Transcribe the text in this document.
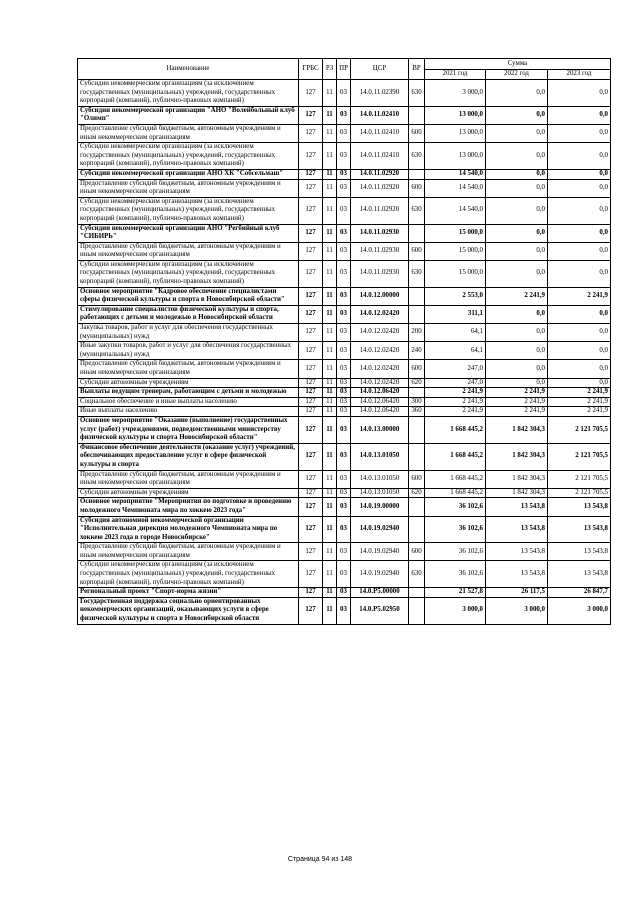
Наименование	ГРБС	РЗ	ПР	ЦСР	ВР	Сумма		
						2021 год	2022 год	2023 год
Субсидии некоммерческим организациям (за исключением государственных (муниципальных) учреждений, государственных корпораций (компаний), публично-правовых компаний)	127	11	03	14.0.11.02390	630	3 000,0	0,0	0,0
Субсидии некоммерческой организации "АНО "Волейбольный клуб "Олимп"	127	11	03	14.0.11.02410		13 000,0	0,0	0,0
Предоставление субсидий бюджетным, автономным учреждениям и иным некоммерческим организациям	127	11	03	14.0.11.02410	600	13 000,0	0,0	0,0
Субсидии некоммерческим организациям (за исключением государственных (муниципальных) учреждений, государственных корпораций (компаний), публично-правовых компаний)	127	11	03	14.0.11.02410	630	13 000,0	0,0	0,0
Субсидии некоммерческой организации АНО ХК "Собсельмаш"	127	11	03	14.0.11.02920		14 540,0	0,0	0,0
Предоставление субсидий бюджетным, автономным учреждениям и иным некоммерческим организациям	127	11	03	14.0.11.02920	600	14 540,0	0,0	0,0
Субсидии некоммерческим организациям (за исключением государственных (муниципальных) учреждений, государственных корпораций (компаний), публично-правовых компаний)	127	11	03	14.0.11.02920	630	14 540,0	0,0	0,0
Субсидии некоммерческой организации АНО "Регбийный клуб "СИБИРЬ"	127	11	03	14.0.11.02930		15 000,0	0,0	0,0
Предоставление субсидий бюджетным, автономным учреждениям и иным некоммерческим организациям	127	11	03	14.0.11.02930	600	15 000,0	0,0	0,0
Субсидии некоммерческим организациям (за исключением государственных (муниципальных) учреждений, государственных корпораций (компаний), публично-правовых компаний)	127	11	03	14.0.11.02930	630	15 000,0	0,0	0,0
Основное мероприятие "Кадровое обеспечение специалистами сферы физической культуры и спорта в Новосибирской области"	127	11	03	14.0.12.00000		2 553,0	2 241,9	2 241,9
Стимулирование специалистов физической культуры и спорта, работающих с детьми и молодежью в Новосибирской области	127	11	03	14.0.12.02420		311,1	0,0	0,0
Закупка товаров, работ и услуг для обеспечения государственных (муниципальных) нужд	127	11	03	14.0.12.02420	200	64,1	0,0	0,0
Иные закупки товаров, работ и услуг для обеспечения государственных (муниципальных) нужд	127	11	03	14.0.12.02420	240	64,1	0,0	0,0
Предоставление субсидий бюджетным, автономным учреждениям и иным некоммерческим организациям	127	11	03	14.0.12.02420	600	247,0	0,0	0,0
Субсидии автономным учреждениям	127	11	03	14.0.12.02420	620	247,0	0,0	0,0
Выплаты ведущим тренерам, работающим с детьми и молодежью	127	11	03	14.0.12.06420		2 241,9	2 241,9	2 241,9
Социальное обеспечение и иные выплаты населению	127	11	03	14.0.12.06420	300	2 241,9	2 241,9	2 241,9
Иные выплаты населению	127	11	03	14.0.12.06420	360	2 241,9	2 241,9	2 241,9
Основное мероприятие "Оказание (выполнение) государственных услуг (работ) учреждениями, подведомственными министерству физической культуры и спорта Новосибирской области"	127	11	03	14.0.13.00000		1 668 445,2	1 842 304,3	2 121 705,5
Финансовое обеспечение деятельности (оказание услуг) учреждений, обеспечивающих предоставление услуг в сфере физической культуры и спорта	127	11	03	14.0.13.01050		1 668 445,2	1 842 304,3	2 121 705,5
Предоставление субсидий бюджетным, автономным учреждениям и иным некоммерческим организациям	127	11	03	14.0.13.01050	600	1 668 445,2	1 842 304,3	2 121 705,5
Субсидии автономным учреждениям	127	11	03	14.0.13.01050	620	1 668 445,2	1 842 304,3	2 121 705,5
Основное мероприятие "Мероприятия по подготовке и проведению молодежного Чемпионата мира по хоккею 2023 года"	127	11	03	14.0.19.00000		36 102,6	13 543,8	13 543,8
Субсидия автономной некоммерческой организации "Исполнительная дирекция молодежного Чемпионата мира по хоккею 2023 года в городе Новосибирске"	127	11	03	14.0.19.02940		36 102,6	13 543,8	13 543,8
Предоставление субсидий бюджетным, автономным учреждениям и иным некоммерческим организациям	127	11	03	14.0.19.02940	600	36 102,6	13 543,8	13 543,8
Субсидии некоммерческим организациям (за исключением государственных (муниципальных) учреждений, государственных корпораций (компаний), публично-правовых компаний)	127	11	03	14.0.19.02940	630	36 102,6	13 543,8	13 543,8
Региональный проект "Спорт-норма жизни"	127	11	03	14.0.P5.00000		21 527,8	26 117,5	26 847,7
Государственная поддержка социально ориентированных некоммерческих организаций, оказывающих услуги в сфере физической культуры и спорта в Новосибирской области	127	11	03	14.0.P5.02950		3 000,0	3 000,0	3 000,0
Страница 94 из 148
